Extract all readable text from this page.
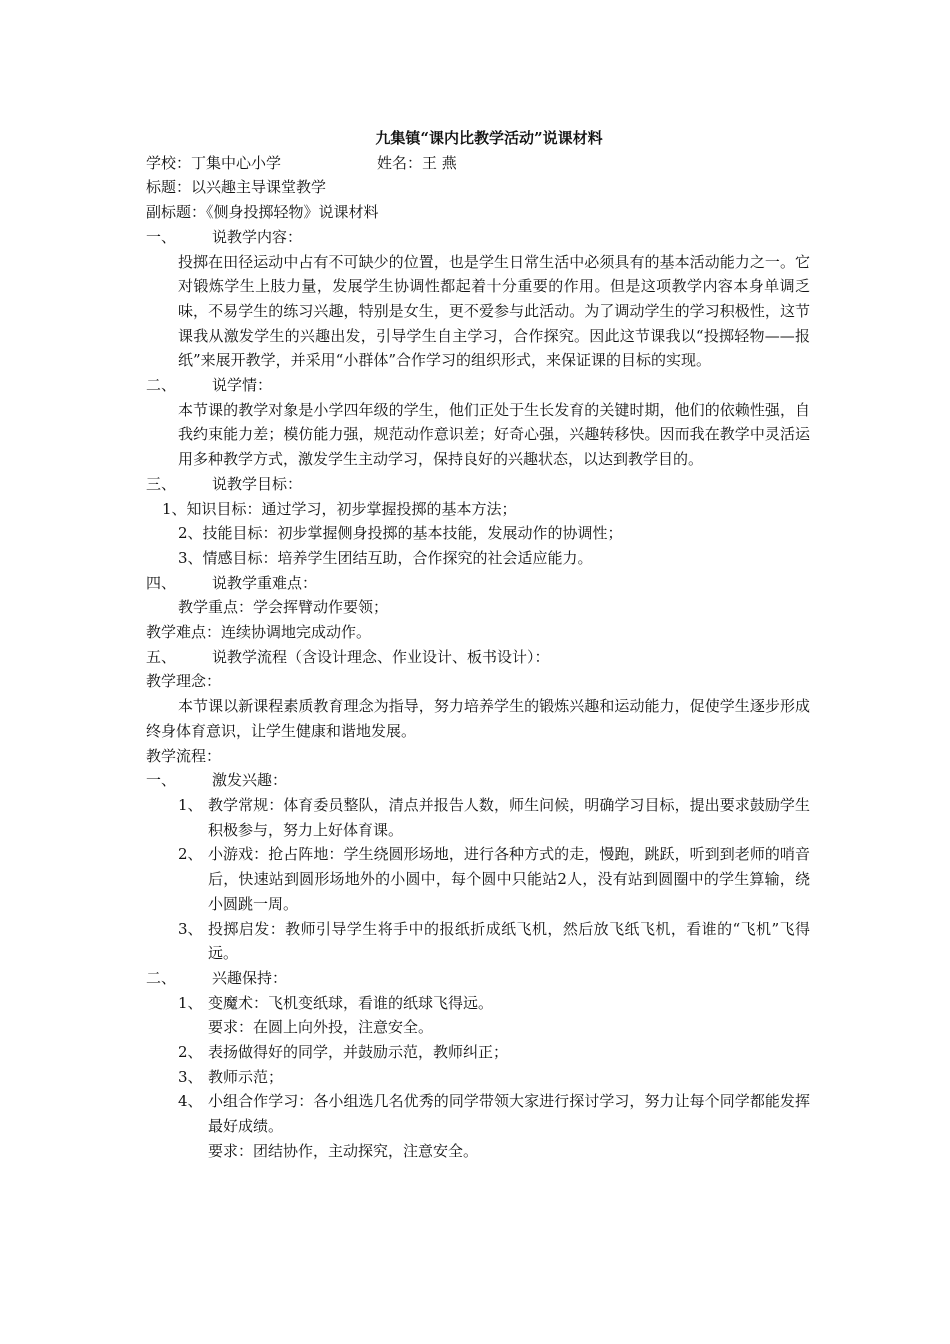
九集镇“课内比教学活动”说课材料
学校：丁集中心小学	姓名：王 燕
标题：以兴趣主导课堂教学
副标题：《侧身投掷轻物》说课材料
一、 说教学内容：
投掷在田径运动中占有不可缺少的位置，也是学生日常生活中必须具有的基本活动能力之一。它对锻炼学生上肢力量，发展学生协调性都起着十分重要的作用。但是这项教学内容本身单调乏味，不易学生的练习兴趣，特别是女生，更不爱参与此活动。为了调动学生的学习积极性，这节课我从激发学生的兴趣出发，引导学生自主学习，合作探究。因此这节课我以“投掷轻物——报纸”来展开教学，并采用“小群体”合作学习的组织形式，来保证课的目标的实现。
二、 说学情：
本节课的教学对象是小学四年级的学生，他们正处于生长发育的关键时期，他们的依赖性强，自我约束能力差；模仿能力强，规范动作意识差；好奇心强，兴趣转移快。因而我在教学中灵活运用多种教学方式，激发学生主动学习，保持良好的兴趣状态，以达到教学目的。
三、 说教学目标：
1、知识目标：通过学习，初步掌握投掷的基本方法；
2、技能目标：初步掌握侧身投掷的基本技能，发展动作的协调性；
3、情感目标：培养学生团结互助，合作探究的社会适应能力。
四、 说教学重难点：
教学重点：学会挥臂动作要领；
教学难点：连续协调地完成动作。
五、 说教学流程（含设计理念、作业设计、板书设计）：
教学理念：
本节课以新课程素质教育理念为指导，努力培养学生的锻炼兴趣和运动能力，促使学生逐步形成终身体育意识，让学生健康和谐地发展。
教学流程：
一、 激发兴趣：
1、 教学常规：体育委员整队，清点并报告人数，师生问候，明确学习目标，提出要求鼓励学生积极参与，努力上好体育课。
2、 小游戏：抢占阵地：学生绕圆形场地，进行各种方式的走，慢跑，跳跃，听到到老师的哨音后，快速站到圆形场地外的小圆中，每个圆中只能站2人，没有站到圆圈中的学生算输，绕小圆跳一周。
3、 投掷启发：教师引导学生将手中的报纸折成纸飞机，然后放飞纸飞机，看谁的“飞机”飞得远。
二、 兴趣保持：
1、 变魔术：飞机变纸球，看谁的纸球飞得远。
要求：在圆上向外投，注意安全。
2、 表扬做得好的同学，并鼓励示范，教师纠正；
3、 教师示范；
4、 小组合作学习：各小组选几名优秀的同学带领大家进行探讨学习，努力让每个同学都能发挥最好成绩。
要求：团结协作，主动探究，注意安全。
